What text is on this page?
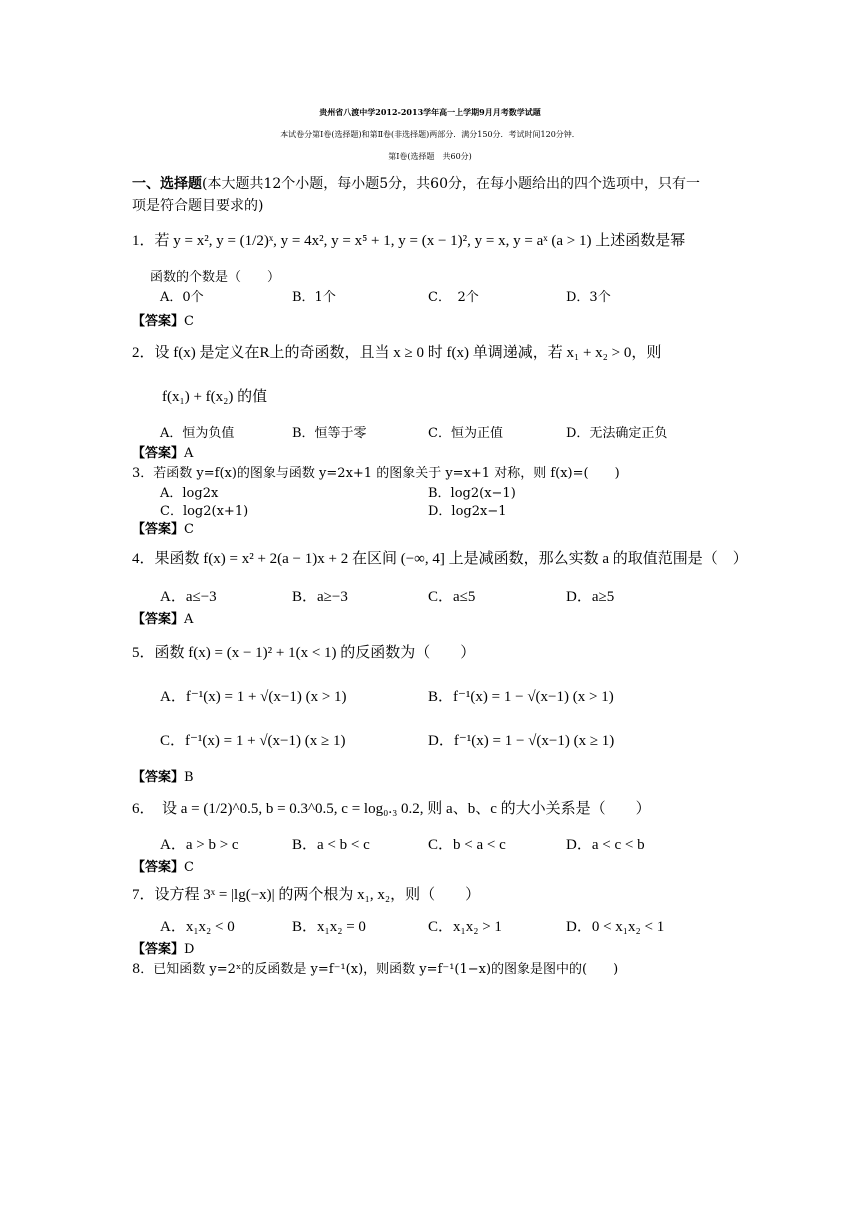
贵州省八渡中学2012-2013学年高一上学期9月月考数学试题
本试卷分第Ⅰ卷(选择题)和第Ⅱ卷(非选择题)两部分．满分150分．考试时间120分钟．
第Ⅰ卷(选择题　共60分)
一、选择题(本大题共12个小题，每小题5分，共60分，在每小题给出的四个选项中，只有一
项是符合题目要求的)
1．若 y = x², y = (1/2)ˣ, y = 4x², y = x⁵ + 1, y = (x − 1)², y = x, y = aˣ (a > 1) 上述函数是幂
函数的个数是（　　）
A．0个	B．1个	C．　2个	D．3个
【答案】C
2．设 f(x) 是定义在R上的奇函数，且当 x ≥ 0 时 f(x) 单调递减，若 x₁ + x₂ > 0，则
f(x₁) + f(x₂) 的值
A．恒为负值	B．恒等于零	C．恒为正值	D．无法确定正负
【答案】A
3．若函数 y=f(x)的图象与函数 y=2x+1 的图象关于 y=x+1 对称，则 f(x)=(　　)
A．log2x	B．log2(x−1)
C．log2(x+1)	D．log2x−1
【答案】C
4．果函数 f(x) = x² + 2(a − 1)x + 2 在区间 (−∞, 4] 上是减函数，那么实数 a 的取值范围是（　）
A．a≤−3	B．a≥−3	C．a≤5	D．a≥5
【答案】A
5．函数 f(x) = (x − 1)² + 1(x < 1) 的反函数为（　　）
A．f⁻¹(x) = 1 + √(x−1) (x > 1)	B．f⁻¹(x) = 1 − √(x−1) (x > 1)
C．f⁻¹(x) = 1 + √(x−1) (x ≥ 1)	D．f⁻¹(x) = 1 − √(x−1) (x ≥ 1)
【答案】B
6．　设 a = (1/2)^0.5, b = 0.3^0.5, c = log₀.₃ 0.2, 则 a、b、c 的大小关系是（　　）
A．a > b > c	B．a < b < c	C．b < a < c	D．a < c < b
【答案】C
7．设方程 3ˣ = |lg(−x)| 的两个根为 x₁, x₂，则（　　）
A．x₁x₂ < 0	B．x₁x₂ = 0	C．x₁x₂ > 1	D．0 < x₁x₂ < 1
【答案】D
8．已知函数 y=2ˣ的反函数是 y=f⁻¹(x)，则函数 y=f⁻¹(1−x)的图象是图中的(　　)
